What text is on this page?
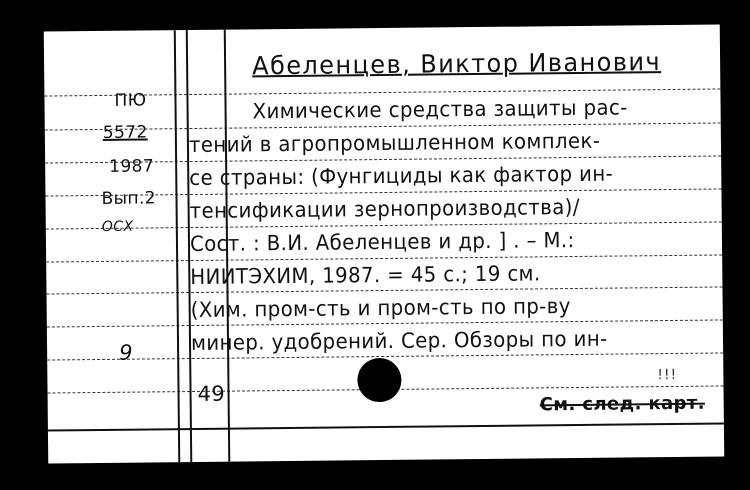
ПЮ
5572
1987
Вып.2
ОСХ
9
49
Абеленцев, Виктор Иванович
Химические средства защиты рас-
тений в агропромышленном комплек-
се страны: (Фунгициды как фактор ин-
тенсификации зернопроизводства)/
Сост. : В.И. Абеленцев и др. ] . – М.:
НИИТЭХИМ, 1987. = 45 с.; 19 см.
(Хим. пром-сть и пром-сть по пр-ву
минер. удобрений. Сер. Обзоры по ин-
!!!
См. след. карт.
